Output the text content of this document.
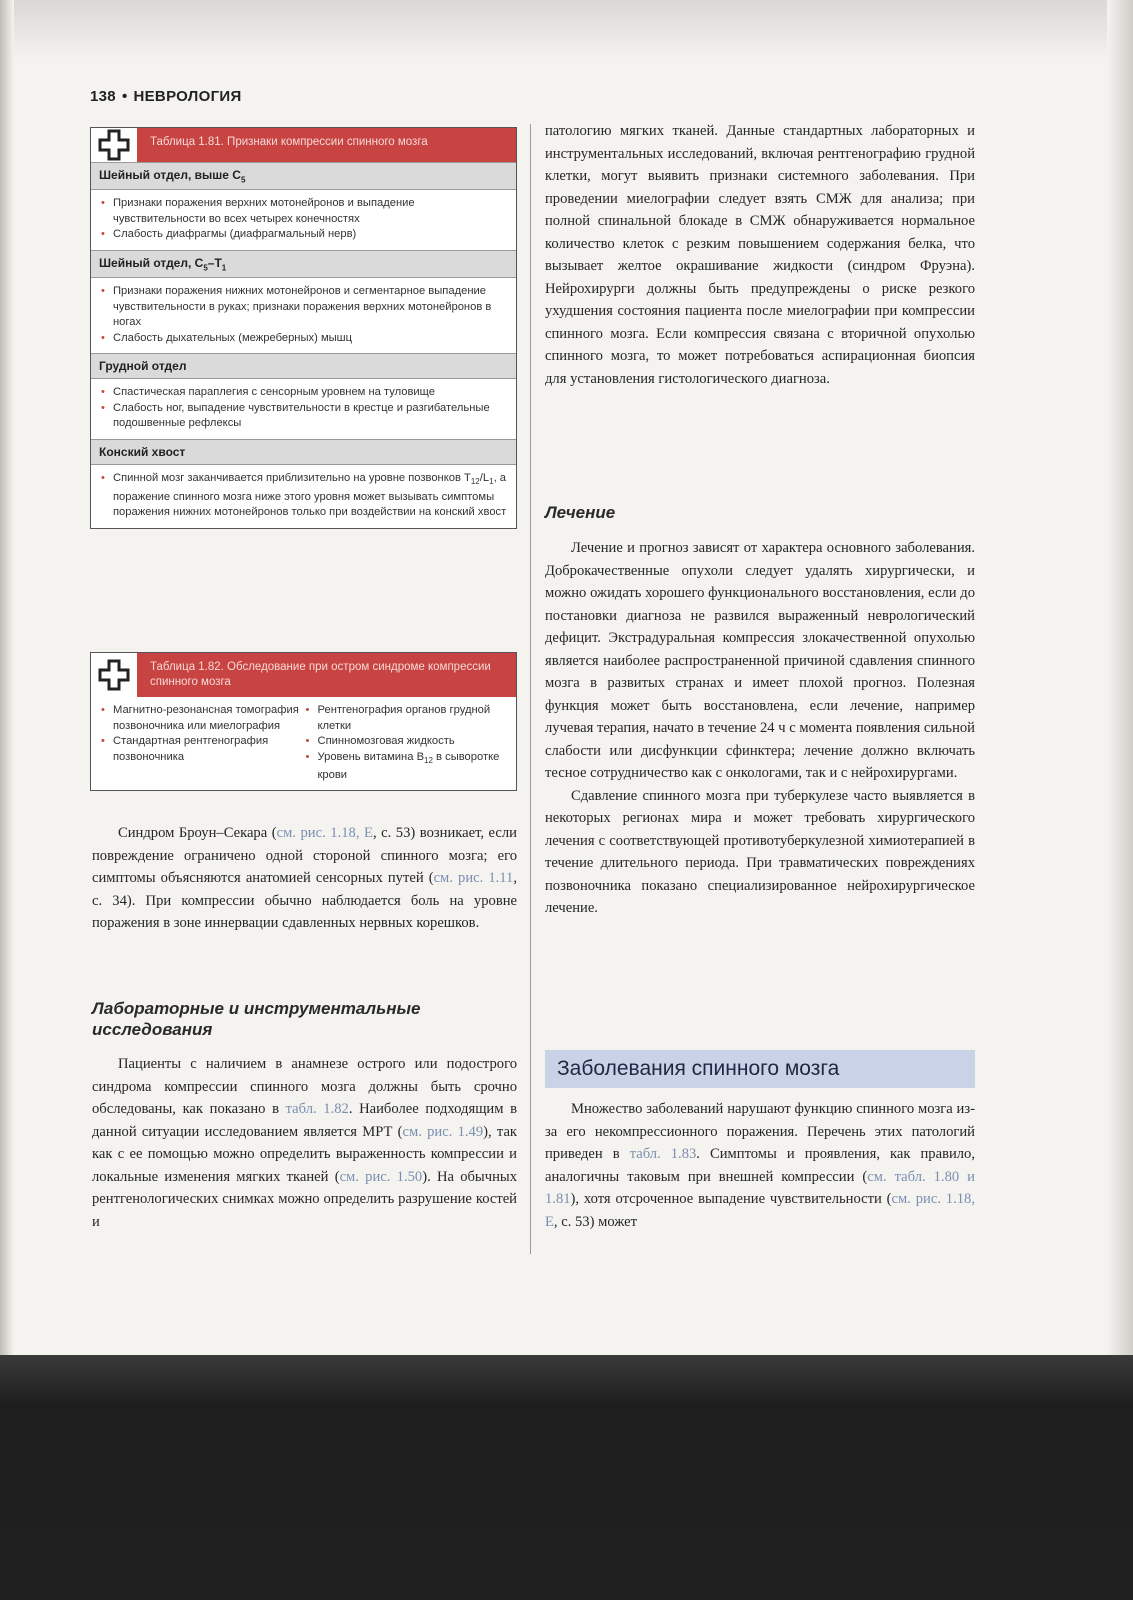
138 • НЕВРОЛОГИЯ
Таблица 1.81. Признаки компрессии спинного мозга
Шейный отдел, выше $C_5$
• Признаки поражения верхних мотонейронов и выпадение чувствительности во всех четырех конечностях
• Слабость диафрагмы (диафрагмальный нерв)
Шейный отдел, $C_5-T_1$
• Признаки поражения нижних мотонейронов и сегментарное выпадение чувствительности в руках; признаки поражения верхних мотонейронов в ногах
• Слабость дыхательных (межреберных) мышц
Грудной отдел
• Спастическая параплегия с сенсорным уровнем на туловище
• Слабость ног, выпадение чувствительности в крестце и разгибательные подошвенные рефлексы
Конский хвост
• Спинной мозг заканчивается приблизительно на уровне позвонков $T_{12}/L_1$, а поражение спинного мозга ниже этого уровня может вызывать симптомы поражения нижних мотонейронов только при воздействии на конский хвост
Таблица 1.82. Обследование при остром синдроме компрессии спинного мозга
• Магнитно-резонансная томография позвоночника или миелография
• Стандартная рентгенография позвоночника
• Рентгенография органов грудной клетки
• Спинномозговая жидкость
• Уровень витамина $B_{12}$ в сыворотке крови

Синдром Броун–Секара (см. рис. 1.18, Е, с. 53) возникает, если повреждение ограничено одной стороной спинного мозга; его симптомы объясняются анатомией сенсорных путей (см. рис. 1.11, с. 34). При компрессии обычно наблюдается боль на уровне поражения в зоне иннервации сдавленных нервных корешков.

Лабораторные и инструментальные исследования

Пациенты с наличием в анамнезе острого или подострого синдрома компрессии спинного мозга должны быть срочно обследованы, как показано в табл. 1.82. Наиболее подходящим в данной ситуации исследованием является МРТ (см. рис. 1.49), так как с ее помощью можно определить выраженность компрессии и локальные изменения мягких тканей (см. рис. 1.50). На обычных рентгенологических снимках можно определить разрушение костей и

патологию мягких тканей. Данные стандартных лабораторных и инструментальных исследований, включая рентгенографию грудной клетки, могут выявить признаки системного заболевания. При проведении миелографии следует взять СМЖ для анализа; при полной спинальной блокаде в СМЖ обнаруживается нормальное количество клеток с резким повышением содержания белка, что вызывает желтое окрашивание жидкости (синдром Фруэна). Нейрохирурги должны быть предупреждены о риске резкого ухудшения состояния пациента после миелографии при компрессии спинного мозга. Если компрессия связана с вторичной опухолью спинного мозга, то может потребоваться аспирационная биопсия для установления гистологического диагноза.

Лечение

Лечение и прогноз зависят от характера основного заболевания. Доброкачественные опухоли следует удалять хирургически, и можно ожидать хорошего функционального восстановления, если до постановки диагноза не развился выраженный неврологический дефицит. Экстрадуральная компрессия злокачественной опухолью является наиболее распространенной причиной сдавления спинного мозга в развитых странах и имеет плохой прогноз. Полезная функция может быть восстановлена, если лечение, например лучевая терапия, начато в течение 24 ч с момента появления сильной слабости или дисфункции сфинктера; лечение должно включать тесное сотрудничество как с онкологами, так и с нейрохирургами.

Сдавление спинного мозга при туберкулезе часто выявляется в некоторых регионах мира и может требовать хирургического лечения с соответствующей противотуберкулезной химиотерапией в течение длительного периода. При травматических повреждениях позвоночника показано специализированное нейрохирургическое лечение.

Заболевания спинного мозга

Множество заболеваний нарушают функцию спинного мозга из-за его некомпрессионного поражения. Перечень этих патологий приведен в табл. 1.83. Симптомы и проявления, как правило, аналогичны таковым при внешней компрессии (см. табл. 1.80 и 1.81), хотя отсроченное выпадение чувствительности (см. рис. 1.18, Е, с. 53) может
